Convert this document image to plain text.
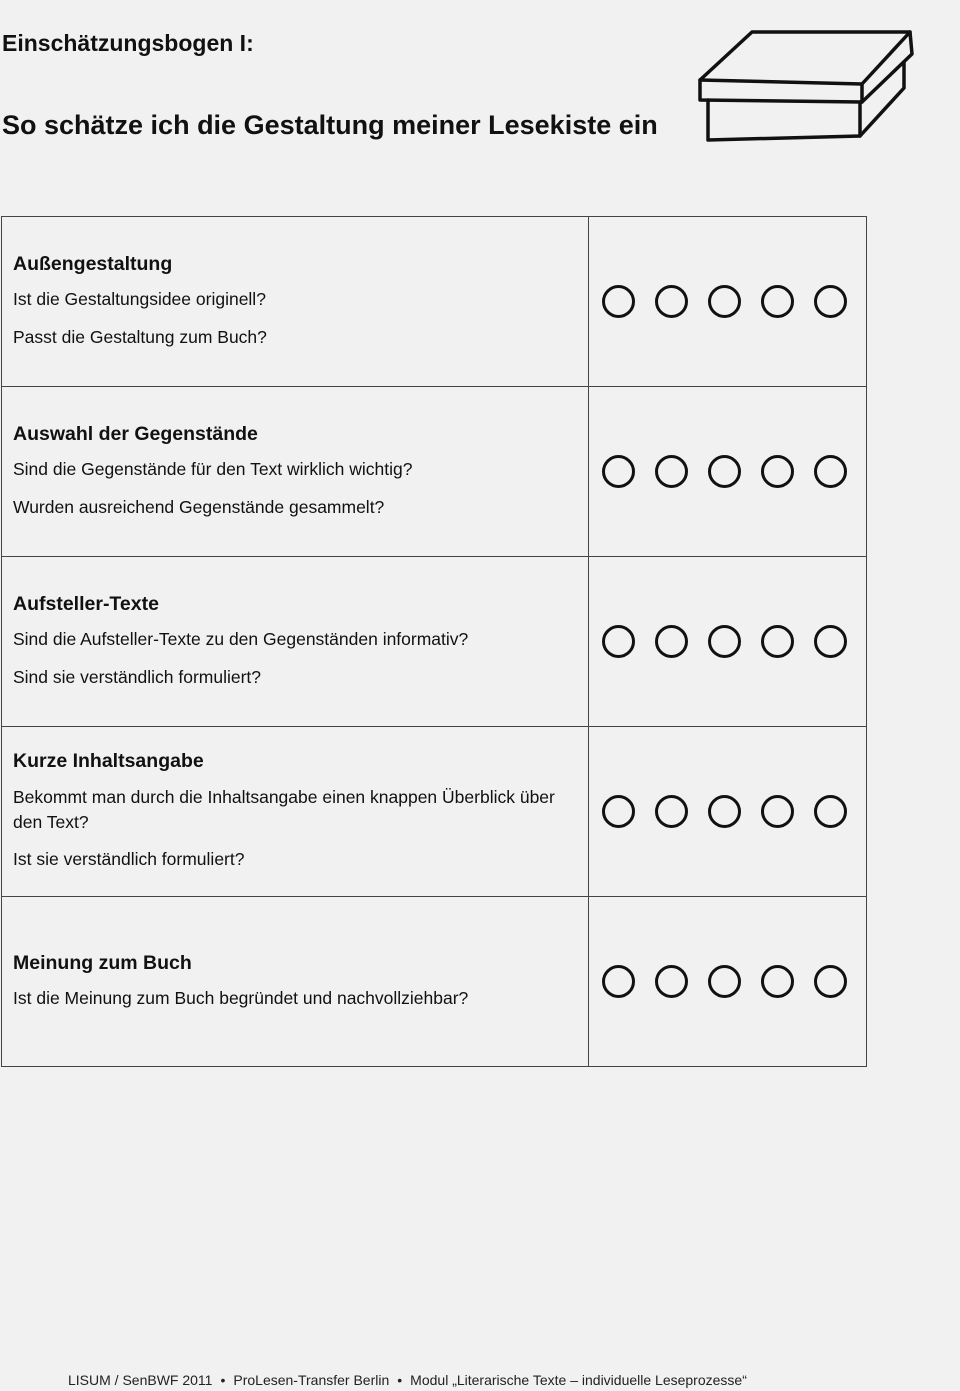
Einschätzungsbogen I:
So schätze ich die Gestaltung meiner Lesekiste ein
Außengestaltung
Ist die Gestaltungsidee originell?
Passt die Gestaltung zum Buch?	

Auswahl der Gegenstände
Sind die Gegenstände für den Text wirklich wichtig?
Wurden ausreichend Gegenstände gesammelt?	

Aufsteller-Texte
Sind die Aufsteller-Texte zu den Gegenständen informativ?
Sind sie verständlich formuliert?	

Kurze Inhaltsangabe
Bekommt man durch die Inhaltsangabe einen knappen Überblick über den Text?
Ist sie verständlich formuliert?	

Meinung zum Buch
Ist die Meinung zum Buch begründet und nachvollziehbar?	

LISUM / SenBWF 2011 • ProLesen-Transfer Berlin • Modul „Literarische Texte – individuelle Leseprozesse“
